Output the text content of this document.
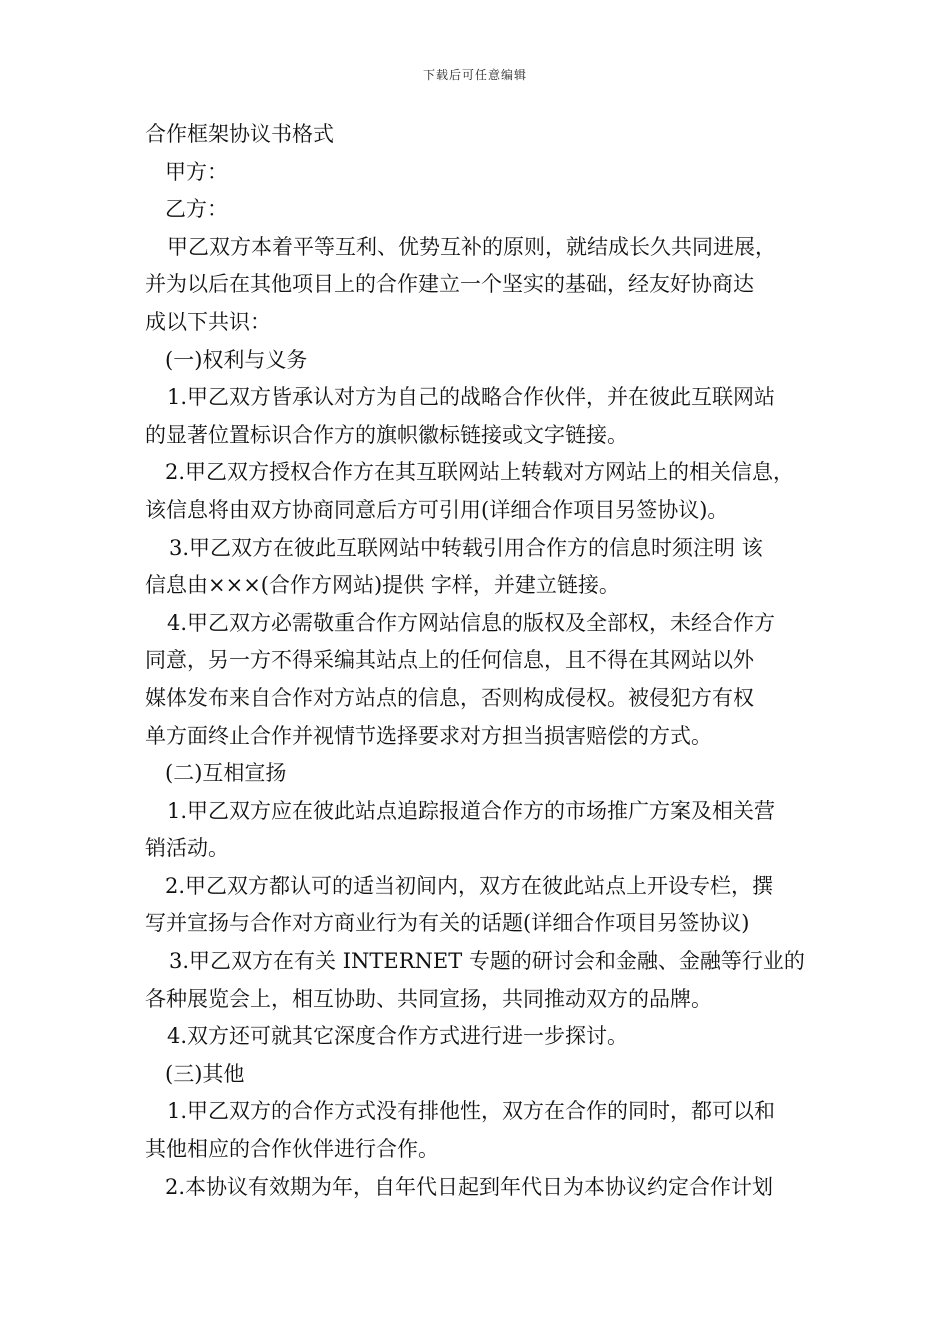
下载后可任意编辑
合作框架协议书格式
甲方：
乙方：
甲乙双方本着平等互利、优势互补的原则，就结成长久共同进展，
并为以后在其他项目上的合作建立一个坚实的基础，经友好协商达
成以下共识：
(一)权利与义务
1.甲乙双方皆承认对方为自己的战略合作伙伴，并在彼此互联网站
的显著位置标识合作方的旗帜徽标链接或文字链接。
2.甲乙双方授权合作方在其互联网站上转载对方网站上的相关信息，
该信息将由双方协商同意后方可引用(详细合作项目另签协议)。
3.甲乙双方在彼此互联网站中转载引用合作方的信息时须注明 该
信息由×××(合作方网站)提供 字样，并建立链接。
4.甲乙双方必需敬重合作方网站信息的版权及全部权，未经合作方
同意，另一方不得采编其站点上的任何信息，且不得在其网站以外
媒体发布来自合作对方站点的信息，否则构成侵权。被侵犯方有权
单方面终止合作并视情节选择要求对方担当损害赔偿的方式。
(二)互相宣扬
1.甲乙双方应在彼此站点追踪报道合作方的市场推广方案及相关营
销活动。
2.甲乙双方都认可的适当初间内，双方在彼此站点上开设专栏，撰
写并宣扬与合作对方商业行为有关的话题(详细合作项目另签协议)
3.甲乙双方在有关 INTERNET 专题的研讨会和金融、金融等行业的
各种展览会上，相互协助、共同宣扬，共同推动双方的品牌。
4.双方还可就其它深度合作方式进行进一步探讨。
(三)其他
1.甲乙双方的合作方式没有排他性，双方在合作的同时，都可以和
其他相应的合作伙伴进行合作。
2.本协议有效期为年，自年代日起到年代日为本协议约定合作计划
